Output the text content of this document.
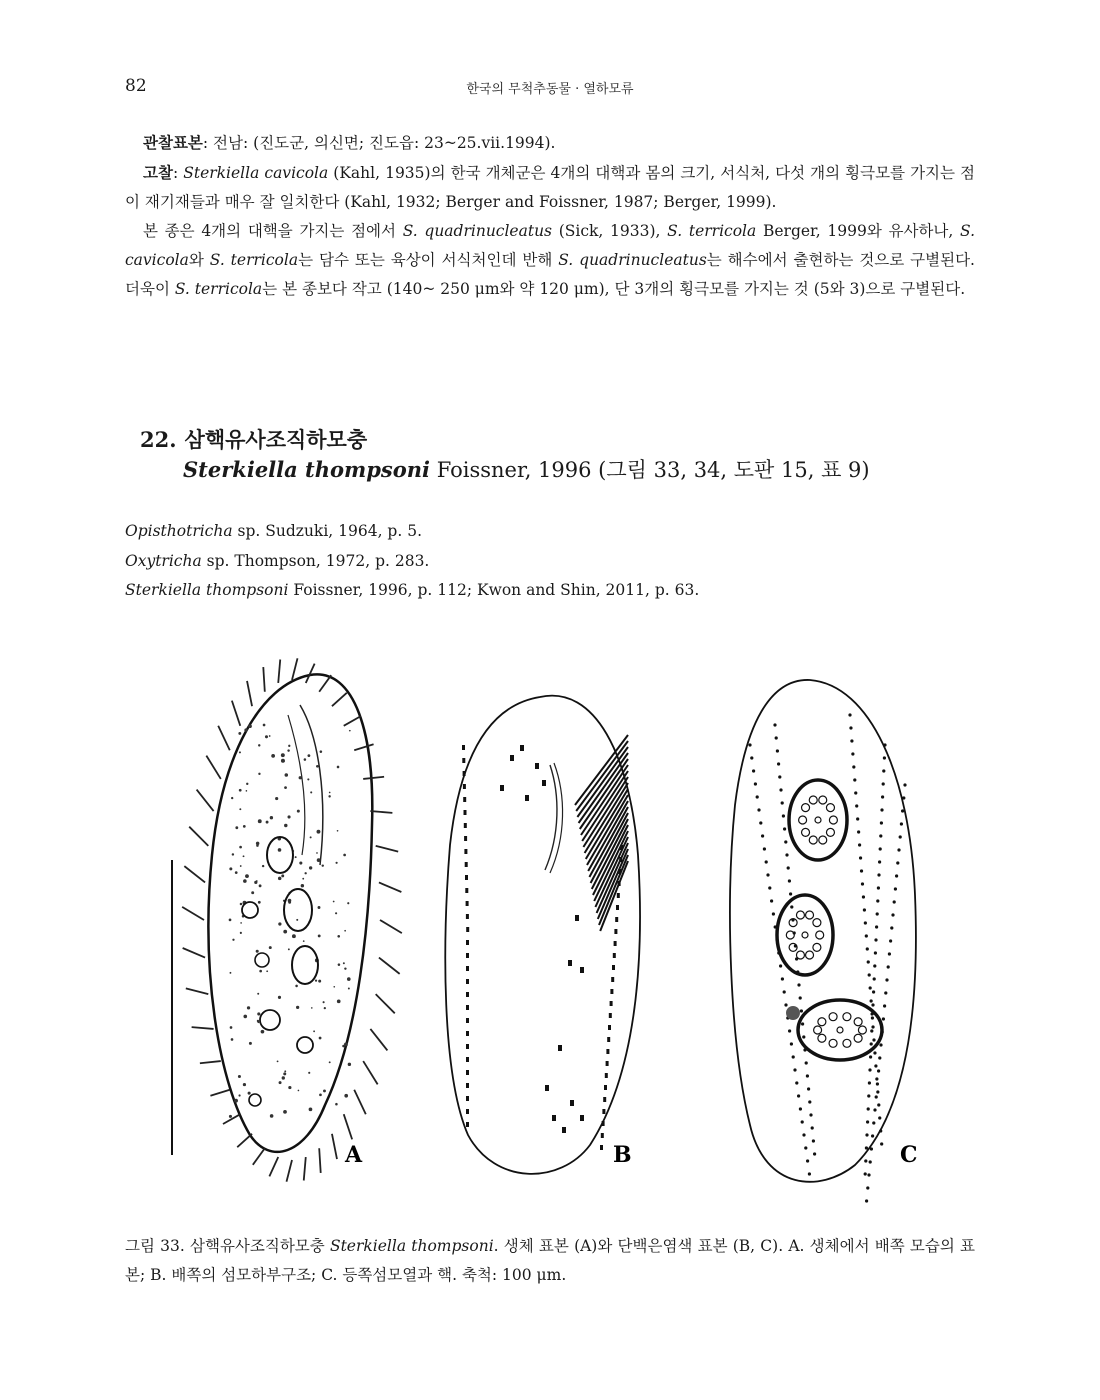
82	한국의 무척추동물 · 열하모류

관찰표본: 전남: (진도군, 의신면; 진도읍: 23~25.vii.1994).

고찰: Sterkiella cavicola (Kahl, 1935)의 한국 개체군은 4개의 대핵과 몸의 크기, 서식처, 다섯 개의 횡극모를 가지는 점이 재기재들과 매우 잘 일치한다 (Kahl, 1932; Berger and Foissner, 1987; Berger, 1999).

본 종은 4개의 대핵을 가지는 점에서 S. quadrinucleatus (Sick, 1933), S. terricola Berger, 1999와 유사하나, S. cavicola와 S. terricola는 담수 또는 육상이 서식처인데 반해 S. quadrinucleatus는 해수에서 출현하는 것으로 구별된다. 더욱이 S. terricola는 본 종보다 작고 (140~ 250 μm와 약 120 μm), 단 3개의 횡극모를 가지는 것 (5와 3)으로 구별된다.

22. 삼핵유사조직하모충
Sterkiella thompsoni Foissner, 1996 (그림 33, 34, 도판 15, 표 9)
Opisthotricha sp. Sudzuki, 1964, p. 5.
Oxytricha sp. Thompson, 1972, p. 283.
Sterkiella thompsoni Foissner, 1996, p. 112; Kwon and Shin, 2011, p. 63.
A	B	C
그림 33. 삼핵유사조직하모충 Sterkiella thompsoni. 생체 표본 (A)와 단백은염색 표본 (B, C). A. 생체에서 배쪽 모습의 표본; B. 배쪽의 섬모하부구조; C. 등쪽섬모열과 핵. 축척: 100 μm.
